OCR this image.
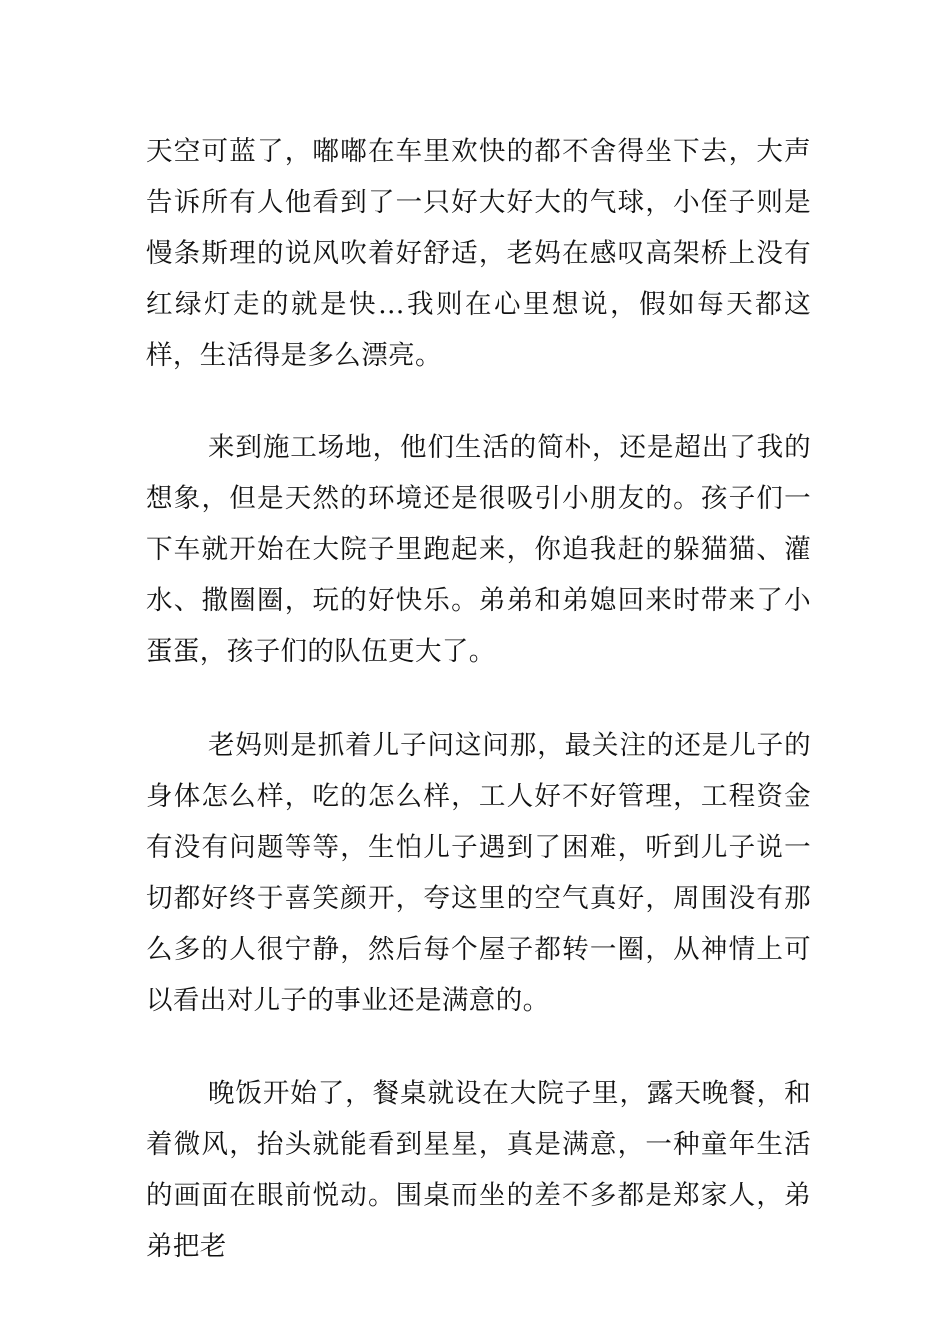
天空可蓝了，嘟嘟在车里欢快的都不舍得坐下去，大声告诉所有人他看到了一只好大好大的气球，小侄子则是慢条斯理的说风吹着好舒适，老妈在感叹高架桥上没有红绿灯走的就是快…我则在心里想说，假如每天都这样，生活得是多么漂亮。

来到施工场地，他们生活的简朴，还是超出了我的想象，但是天然的环境还是很吸引小朋友的。孩子们一下车就开始在大院子里跑起来，你追我赶的躲猫猫、灌水、撒圈圈，玩的好快乐。弟弟和弟媳回来时带来了小蛋蛋，孩子们的队伍更大了。

老妈则是抓着儿子问这问那，最关注的还是儿子的身体怎么样，吃的怎么样，工人好不好管理，工程资金有没有问题等等，生怕儿子遇到了困难，听到儿子说一切都好终于喜笑颜开，夸这里的空气真好，周围没有那么多的人很宁静，然后每个屋子都转一圈，从神情上可以看出对儿子的事业还是满意的。

晚饭开始了，餐桌就设在大院子里，露天晚餐，和着微风，抬头就能看到星星，真是满意，一种童年生活的画面在眼前悦动。围桌而坐的差不多都是郑家人，弟弟把老
